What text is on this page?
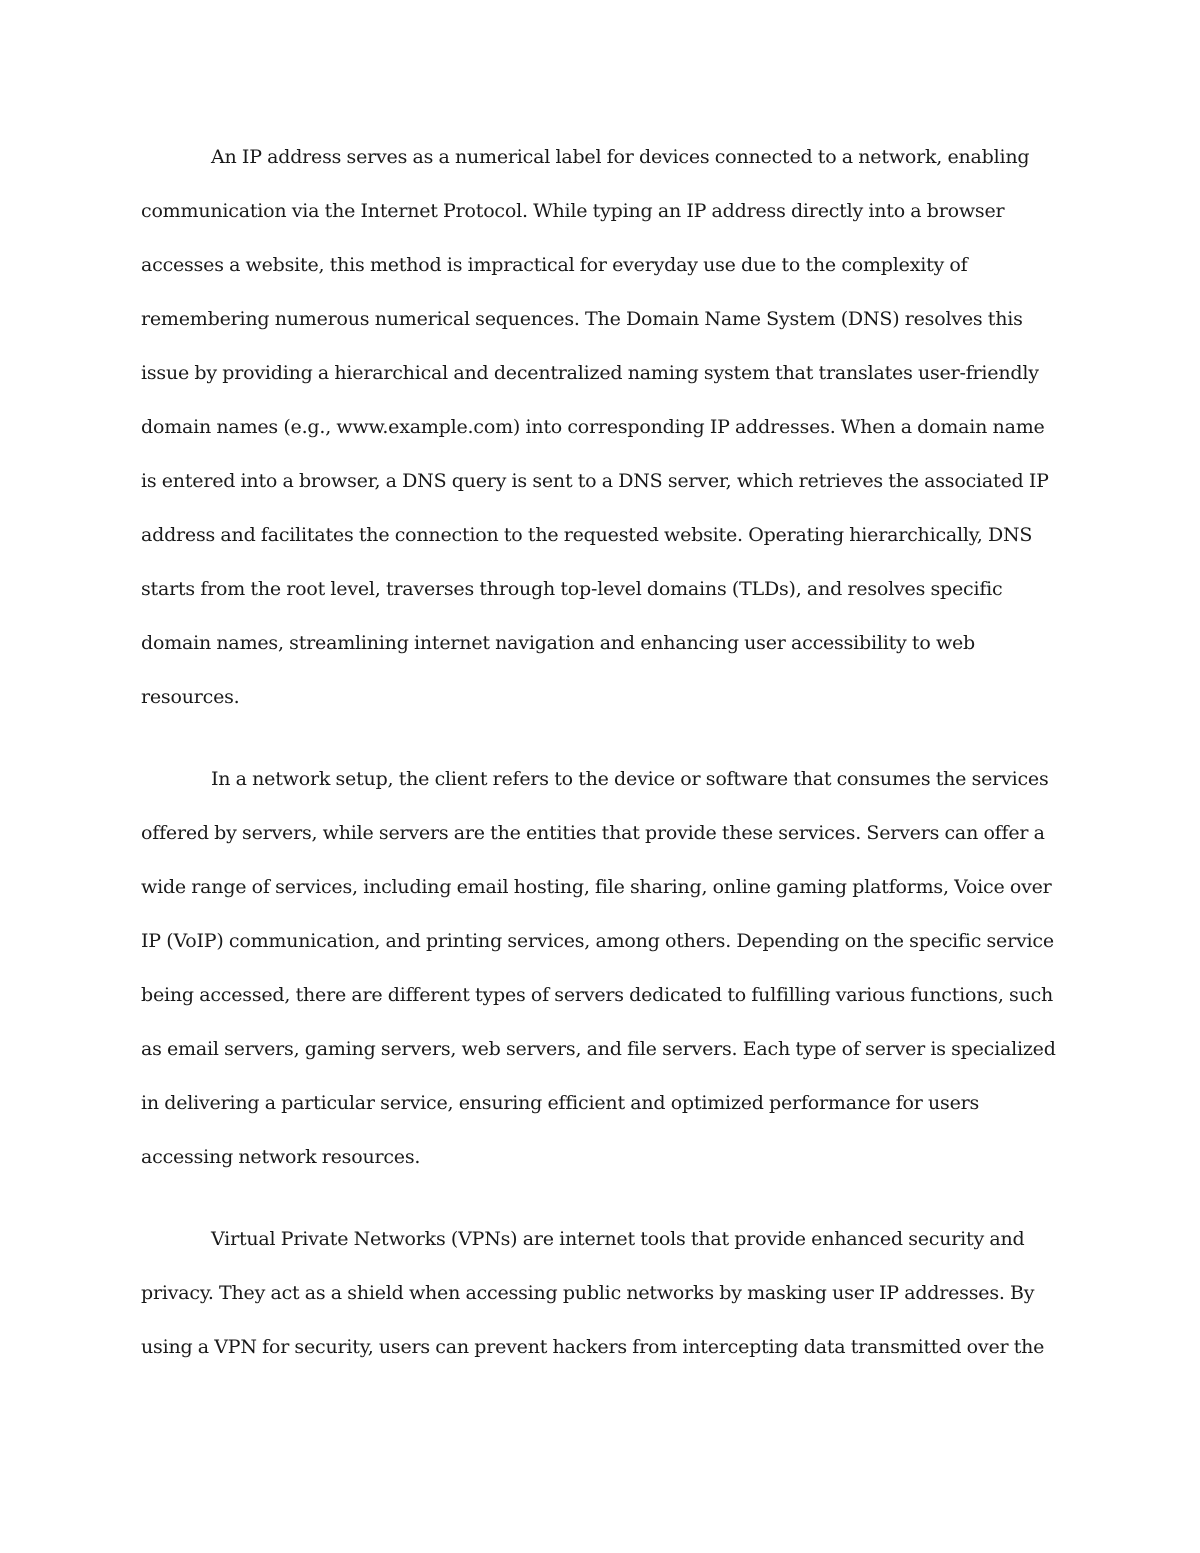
An IP address serves as a numerical label for devices connected to a network, enabling communication via the Internet Protocol. While typing an IP address directly into a browser accesses a website, this method is impractical for everyday use due to the complexity of remembering numerous numerical sequences. The Domain Name System (DNS) resolves this issue by providing a hierarchical and decentralized naming system that translates user-friendly domain names (e.g., www.example.com) into corresponding IP addresses. When a domain name is entered into a browser, a DNS query is sent to a DNS server, which retrieves the associated IP address and facilitates the connection to the requested website. Operating hierarchically, DNS starts from the root level, traverses through top-level domains (TLDs), and resolves specific domain names, streamlining internet navigation and enhancing user accessibility to web resources.

In a network setup, the client refers to the device or software that consumes the services offered by servers, while servers are the entities that provide these services. Servers can offer a wide range of services, including email hosting, file sharing, online gaming platforms, Voice over IP (VoIP) communication, and printing services, among others. Depending on the specific service being accessed, there are different types of servers dedicated to fulfilling various functions, such as email servers, gaming servers, web servers, and file servers. Each type of server is specialized in delivering a particular service, ensuring efficient and optimized performance for users accessing network resources.

Virtual Private Networks (VPNs) are internet tools that provide enhanced security and privacy. They act as a shield when accessing public networks by masking user IP addresses. By using a VPN for security, users can prevent hackers from intercepting data transmitted over the
